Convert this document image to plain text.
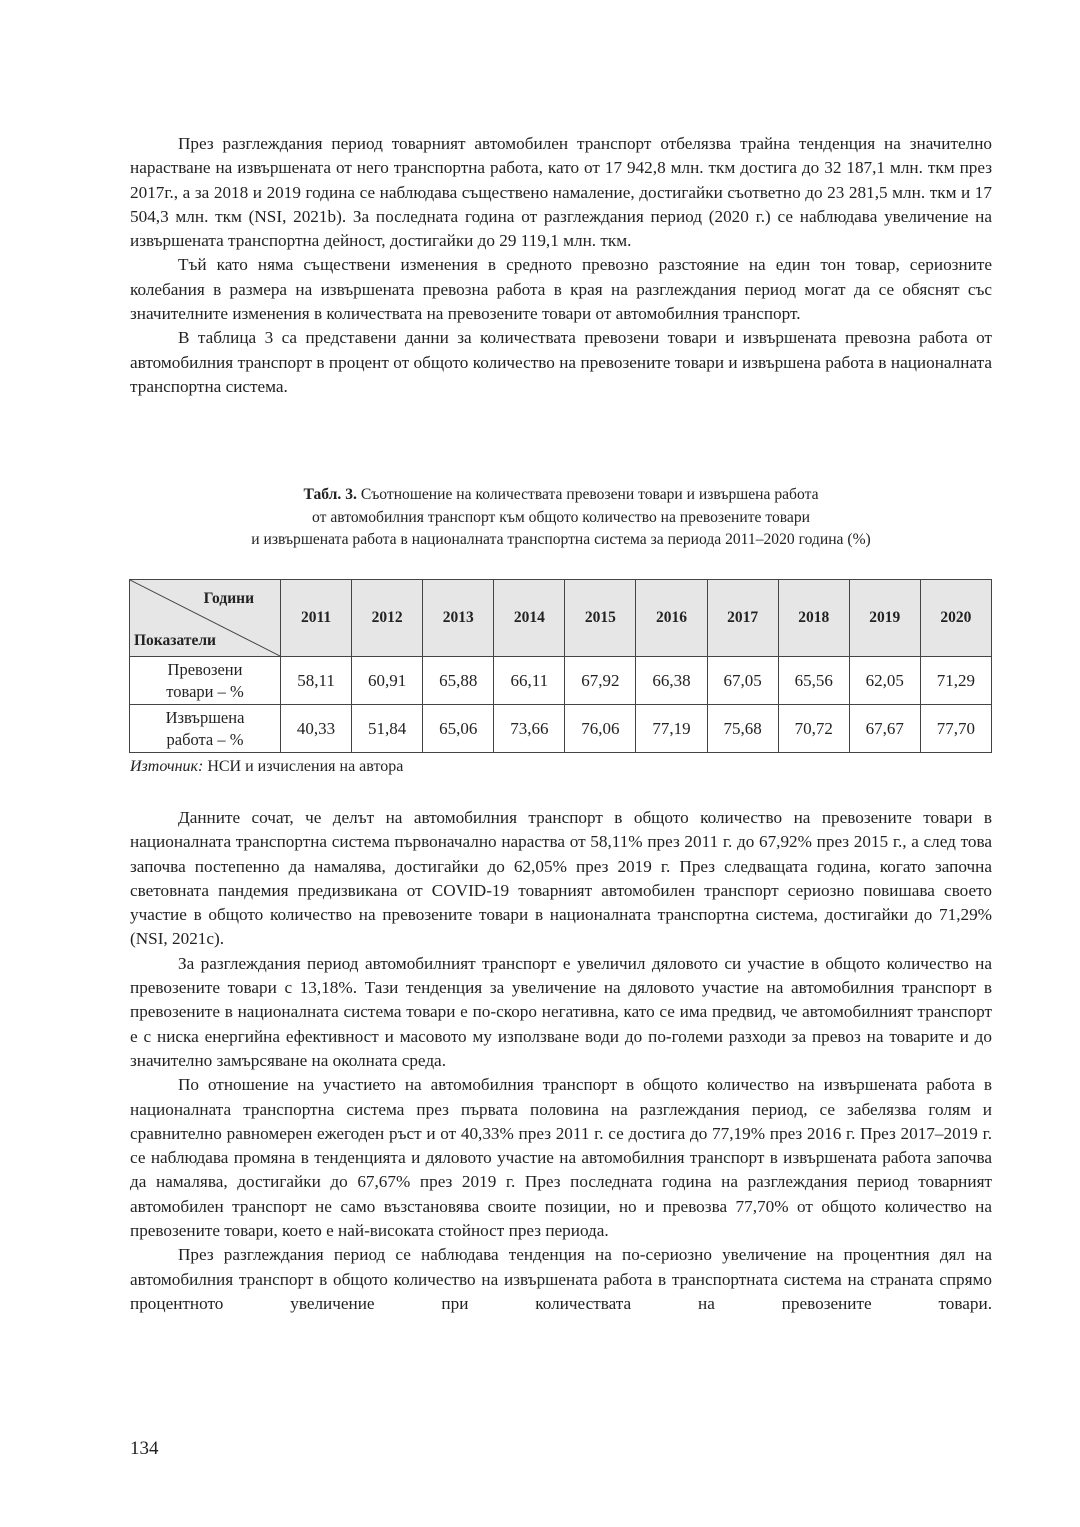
През разглеждания период товарният автомобилен транспорт отбелязва трайна тенденция на значително нарастване на извършената от него транспортна работа, като от 17 942,8 млн. ткм достига до 32 187,1 млн. ткм през 2017г., а за 2018 и 2019 година се наблюдава съществено намаление, достигайки съответно до 23 281,5 млн. ткм и 17 504,3 млн. ткм (NSI, 2021b). За последната година от разглеждания период (2020 г.) се наблюдава увеличение на извършената транспортна дейност, достигайки до 29 119,1 млн. ткм.

Тъй като няма съществени изменения в средното превозно разстояние на един тон товар, сериозните колебания в размера на извършената превозна работа в края на разглеждания период могат да се обяснят със значителните изменения в количествата на превозените товари от автомобилния транспорт.

В таблица 3 са представени данни за количествата превозени товари и извършената превозна работа от автомобилния транспорт в процент от общото количество на превозените товари и извършена работа в националната транспортна система.

Табл. 3. Съотношение на количествата превозени товари и извършена работа
от автомобилния транспорт към общото количество на превозените товари
и извършената работа в националната транспортна система за периода 2011–2020 година (%)
Години
Показатели	2011	2012	2013	2014	2015	2016	2017	2018	2019	2020

Превозени
товари – %	58,11	60,91	65,88	66,11	67,92	66,38	67,05	65,56	62,05	71,29

Извършена
работа – %	40,33	51,84	65,06	73,66	76,06	77,19	75,68	70,72	67,67	77,70
Източник: НСИ и изчисления на автора

Данните сочат, че делът на автомобилния транспорт в общото количество на превозените товари в националната транспортна система първоначално нараства от 58,11% през 2011 г. до 67,92% през 2015 г., а след това започва постепенно да намалява, достигайки до 62,05% през 2019 г. През следващата година, когато започна световната пандемия предизвикана от COVID-19 товарният автомобилен транспорт сериозно повишава своето участие в общото количество на превозените товари в националната транспортна система, достигайки до 71,29% (NSI, 2021c).

За разглеждания период автомобилният транспорт е увеличил дяловото си участие в общото количество на превозените товари с 13,18%. Тази тенденция за увеличение на дяловото участие на автомобилния транспорт в превозените в националната система товари е по-скоро негативна, като се има предвид, че автомобилният транспорт е с ниска енергийна ефективност и масовото му използване води до по-големи разходи за превоз на товарите и до значително замърсяване на околната среда.

По отношение на участието на автомобилния транспорт в общото количество на извършената работа в националната транспортна система през първата половина на разглеждания период, се забелязва голям и сравнително равномерен ежегоден ръст и от 40,33% през 2011 г. се достига до 77,19% през 2016 г. През 2017–2019 г. се наблюдава промяна в тенденцията и дяловото участие на автомобилния транспорт в извършената работа започва да намалява, достигайки до 67,67% през 2019 г. През последната година на разглеждания период товарният автомобилен транспорт не само възстановява своите позиции, но и превозва 77,70% от общото количество на превозените товари, което е най-високата стойност през периода.

През разглеждания период се наблюдава тенденция на по-сериозно увеличение на процентния дял на автомобилния транспорт в общото количество на извършената работа в транспортната система на страната спрямо процентното увеличение при количествата на превозените товари.

134
